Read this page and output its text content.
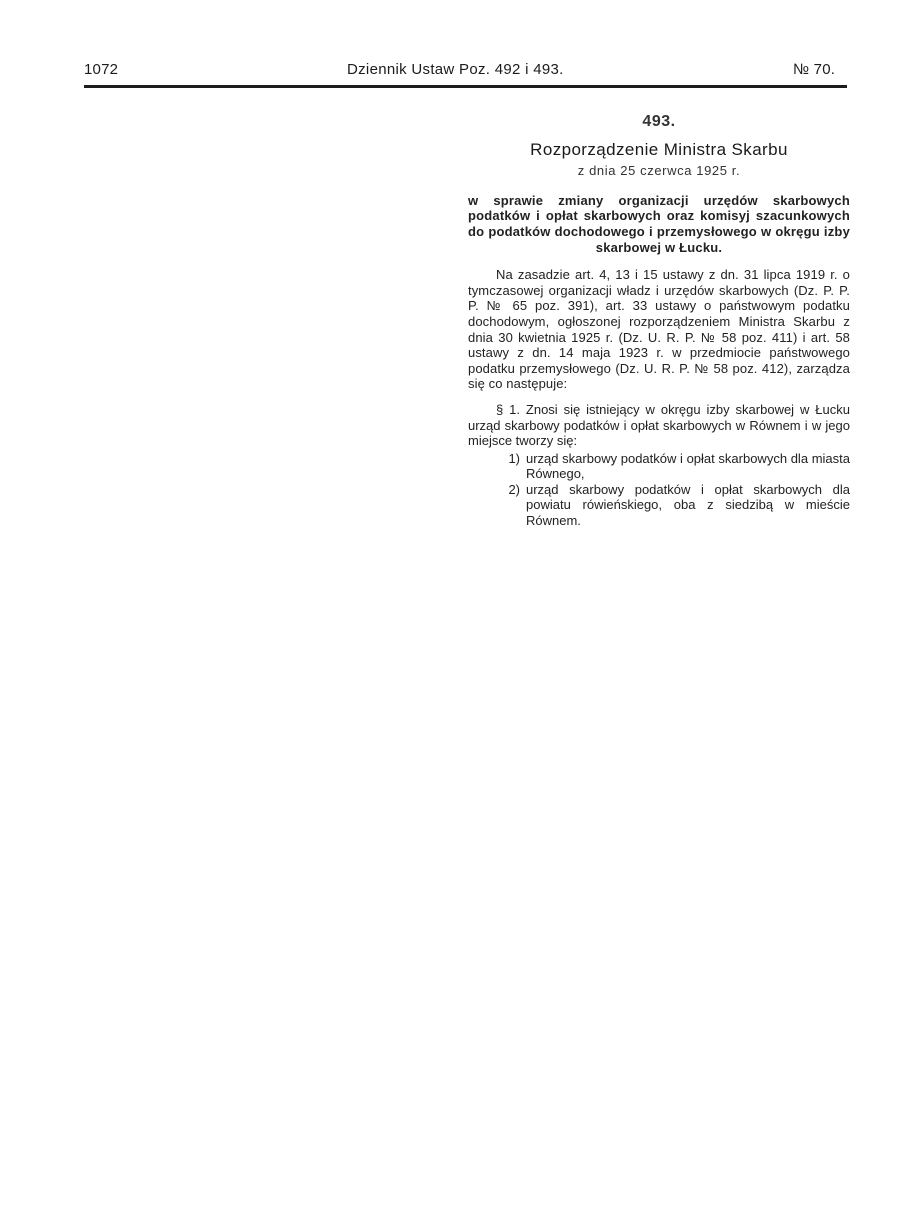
1072	Dziennik Ustaw Poz. 492 i 493.	№ 70.
493.
Rozporządzenie Ministra Skarbu
z dnia 25 czerwca 1925 r.
w sprawie zmiany organizacji urzędów skarbowych podatków i opłat skarbowych oraz komisyj szacunkowych do podatków dochodowego i przemysłowego w okręgu izby skarbowej w Łucku.
Na zasadzie art. 4, 13 i 15 ustawy z dn. 31 lipca 1919 r. o tymczasowej organizacji władz i urzędów skarbowych (Dz. P. P. P. № 65 poz. 391), art. 33 ustawy o państwowym podatku dochodowym, ogłoszonej rozporządzeniem Ministra Skarbu z dnia 30 kwietnia 1925 r. (Dz. U. R. P. № 58 poz. 411) i art. 58 ustawy z dn. 14 maja 1923 r. w przedmiocie państwowego podatku przemysłowego (Dz. U. R. P. № 58 poz. 412), zarządza się co następuje:
§ 1. Znosi się istniejący w okręgu izby skarbowej w Łucku urząd skarbowy podatków i opłat skarbowych w Równem i w jego miejsce tworzy się:
1) urząd skarbowy podatków i opłat skarbowych dla miasta Równego,
2) urząd skarbowy podatków i opłat skarbowych dla powiatu rówieńskiego, oba z siedzibą w mieście Równem.
